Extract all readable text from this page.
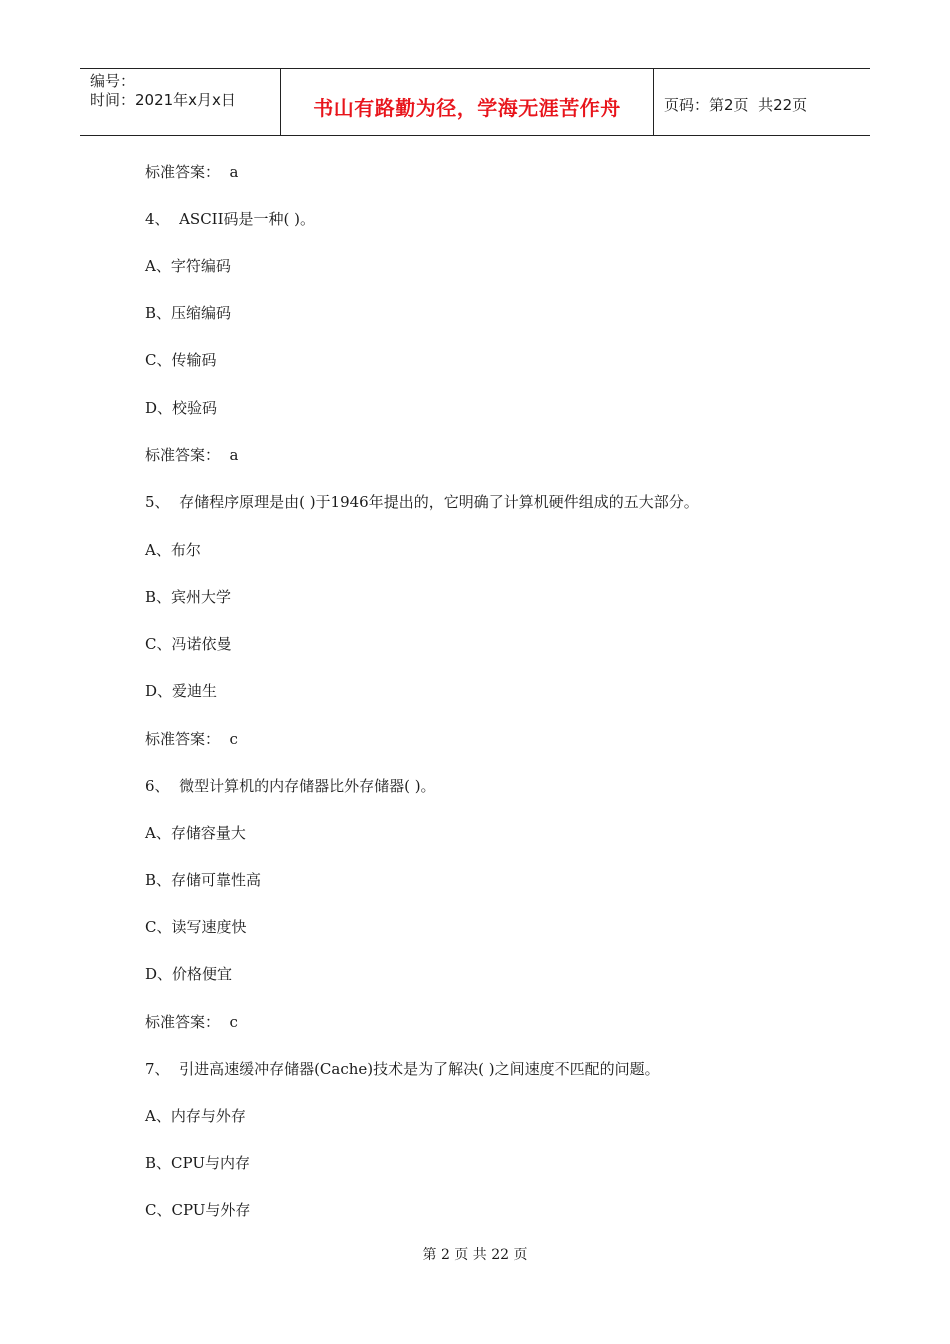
编号：
时间：2021年x月x日	书山有路勤为径，学海无涯苦作舟	页码：第2页  共22页
标准答案：  a
4、  ASCII码是一种( )。
A、字符编码
B、压缩编码
C、传输码
D、校验码
标准答案：  a
5、  存储程序原理是由( )于1946年提出的，它明确了计算机硬件组成的五大部分。
A、布尔
B、宾州大学
C、冯诺依曼
D、爱迪生
标准答案：  c
6、  微型计算机的内存储器比外存储器( )。
A、存储容量大
B、存储可靠性高
C、读写速度快
D、价格便宜
标准答案：  c
7、  引进高速缓冲存储器(Cache)技术是为了解决( )之间速度不匹配的问题。
A、内存与外存
B、CPU与内存
C、CPU与外存
第 2 页 共 22 页
